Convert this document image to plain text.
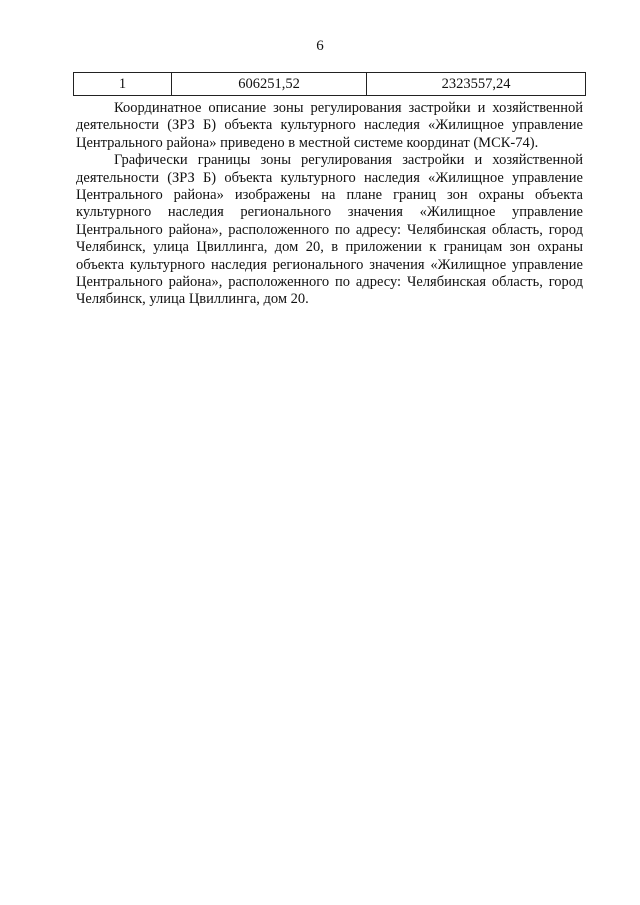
6
1	606251,52	2323557,24

Координатное описание зоны регулирования застройки и хозяйственной деятельности (ЗРЗ Б) объекта культурного наследия «Жилищное управление Центрального района» приведено в местной системе координат (МСК-74).

Графически границы зоны регулирования застройки и хозяйственной деятельности (ЗРЗ Б) объекта культурного наследия «Жилищное управление Центрального района» изображены на плане границ зон охраны объекта культурного наследия регионального значения «Жилищное управление Центрального района», расположенного по адресу: Челябинская область, город Челябинск, улица Цвиллинга, дом 20, в приложении к границам зон охраны объекта культурного наследия регионального значения «Жилищное управление Центрального района», расположенного по адресу: Челябинская область, город Челябинск, улица Цвиллинга, дом 20.
